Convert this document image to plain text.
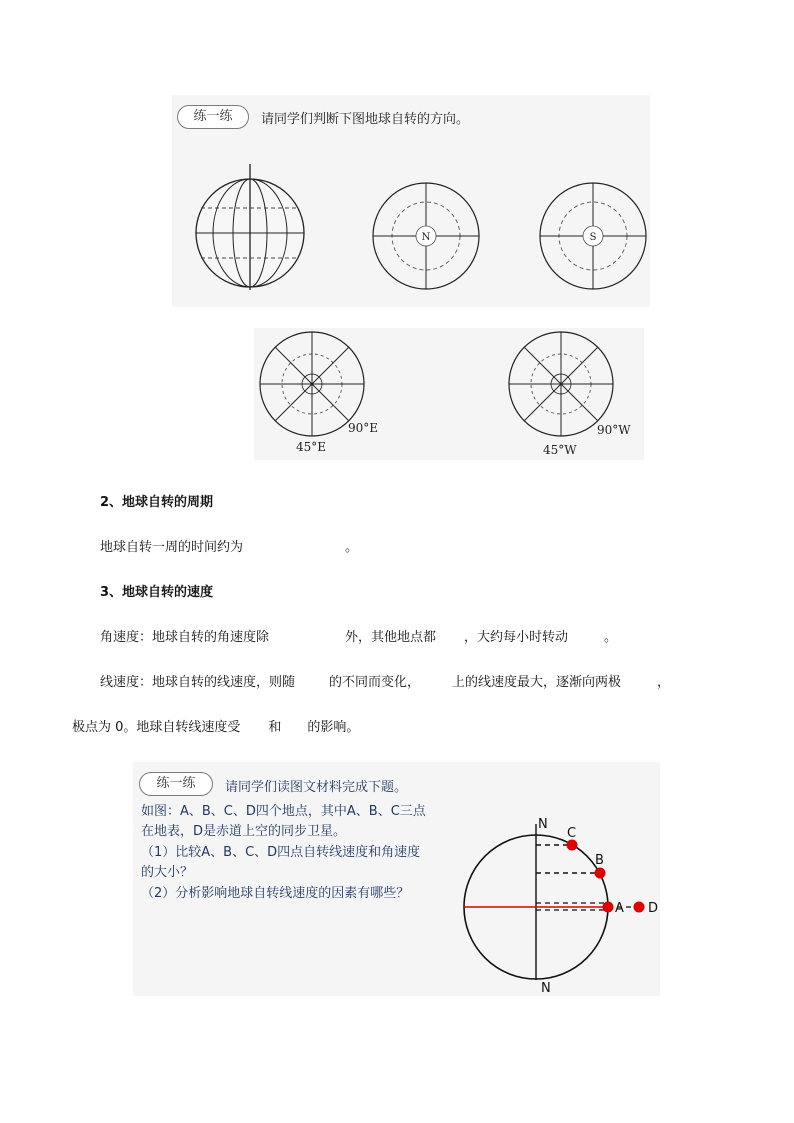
练一练	请同学们判断下图地球自转的方向。
N	S
90°E
45°E
90°W
45°W
2、地球自转的周期
地球自转一周的时间约为	。
3、地球自转的速度
角速度：地球自转的角速度除	外，其他地点都 ，大约每小时转动	。
线速度：地球自转的线速度，则随	的不同而变化， 上的线速度最大，逐渐向两极	，
极点为 0。地球自转线速度受 和 的影响。
练一练	请同学们读图文材料完成下题。
如图：A、B、C、D四个地点，其中A、B、C三点
在地表，D是赤道上空的同步卫星。
（1）比较A、B、C、D四点自转线速度和角速度
的大小？
（2）分析影响地球自转线速度的因素有哪些？
N
N
C
B
A D
